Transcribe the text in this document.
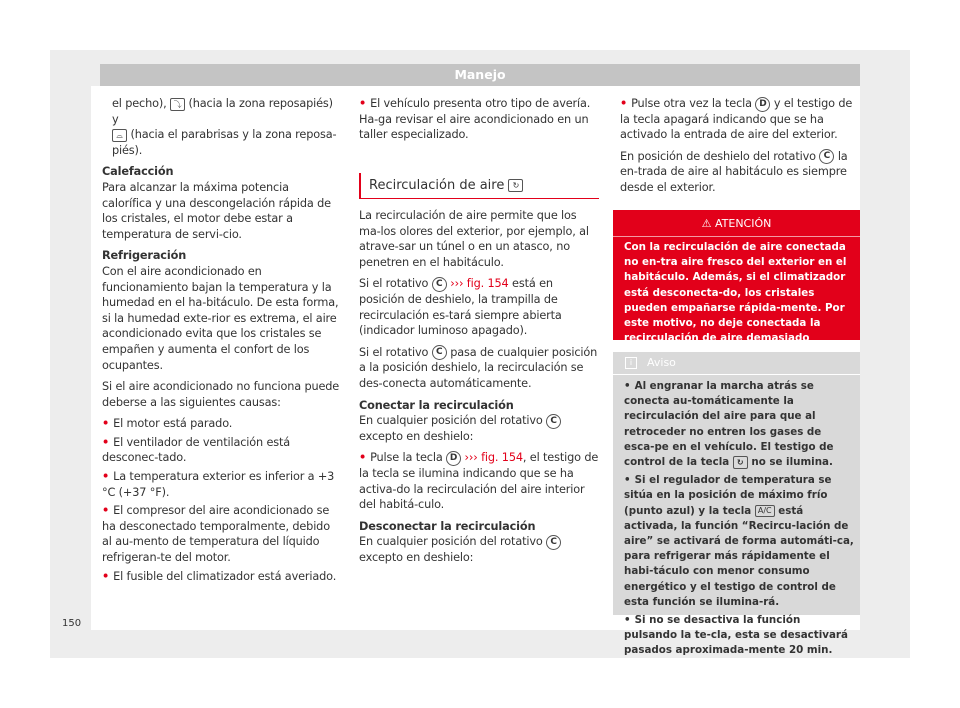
Manejo

el pecho), ⤵ (hacia la zona reposapiés) y
⌓ (hacia el parabrisas y la zona reposa-piés).

Calefacción

Para alcanzar la máxima potencia calorífica y una descongelación rápida de los cristales, el motor debe estar a temperatura de servi-cio.

Refrigeración

Con el aire acondicionado en funcionamiento bajan la temperatura y la humedad en el ha-bitáculo. De esta forma, si la humedad exte-rior es extrema, el aire acondicionado evita que los cristales se empañen y aumenta el confort de los ocupantes.

Si el aire acondicionado no funciona puede deberse a las siguientes causas:

• El motor está parado.

• El ventilador de ventilación está desconec-tado.

• La temperatura exterior es inferior a +3 °C (+37 °F).

• El compresor del aire acondicionado se ha desconectado temporalmente, debido al au-mento de temperatura del líquido refrigeran-te del motor.

• El fusible del climatizador está averiado.

• El vehículo presenta otro tipo de avería. Ha-ga revisar el aire acondicionado en un taller especializado.

Recirculación de aire ↻

La recirculación de aire permite que los ma-los olores del exterior, por ejemplo, al atrave-sar un túnel o en un atasco, no penetren en el habitáculo.

Si el rotativo C ››› fig. 154 está en posición de deshielo, la trampilla de recirculación es-tará siempre abierta (indicador luminoso apagado).

Si el rotativo C pasa de cualquier posición a la posición deshielo, la recirculación se des-conecta automáticamente.

Conectar la recirculación

En cualquier posición del rotativo C excepto en deshielo:

• Pulse la tecla D ››› fig. 154, el testigo de la tecla se ilumina indicando que se ha activa-do la recirculación del aire interior del habitá-culo.

Desconectar la recirculación

En cualquier posición del rotativo C excepto en deshielo:

• Pulse otra vez la tecla D y el testigo de la tecla apagará indicando que se ha activado la entrada de aire del exterior.

En posición de deshielo del rotativo C la en-trada de aire al habitáculo es siempre desde el exterior.

⚠ ATENCIÓN
Con la recirculación de aire conectada no en-tra aire fresco del exterior en el habitáculo. Además, si el climatizador está desconecta-do, los cristales pueden empañarse rápida-mente. Por este motivo, no deje conectada la recirculación de aire demasiado
i	Aviso

• Al engranar la marcha atrás se conecta au-tomáticamente la recirculación del aire para que al retroceder no entren los gases de esca-pe en el vehículo. El testigo de control de la tecla ↻ no se ilumina.

• Si el regulador de temperatura se sitúa en la posición de máximo frío (punto azul) y la tecla A/C está activada, la función “Recircu-lación de aire” se activará de forma automáti-ca, para refrigerar más rápidamente el habi-táculo con menor consumo energético y el testigo de control de esta función se ilumina-rá.

• Si no se desactiva la función pulsando la te-cla, esta se desactivará pasados aproximada-mente 20 min.

150
